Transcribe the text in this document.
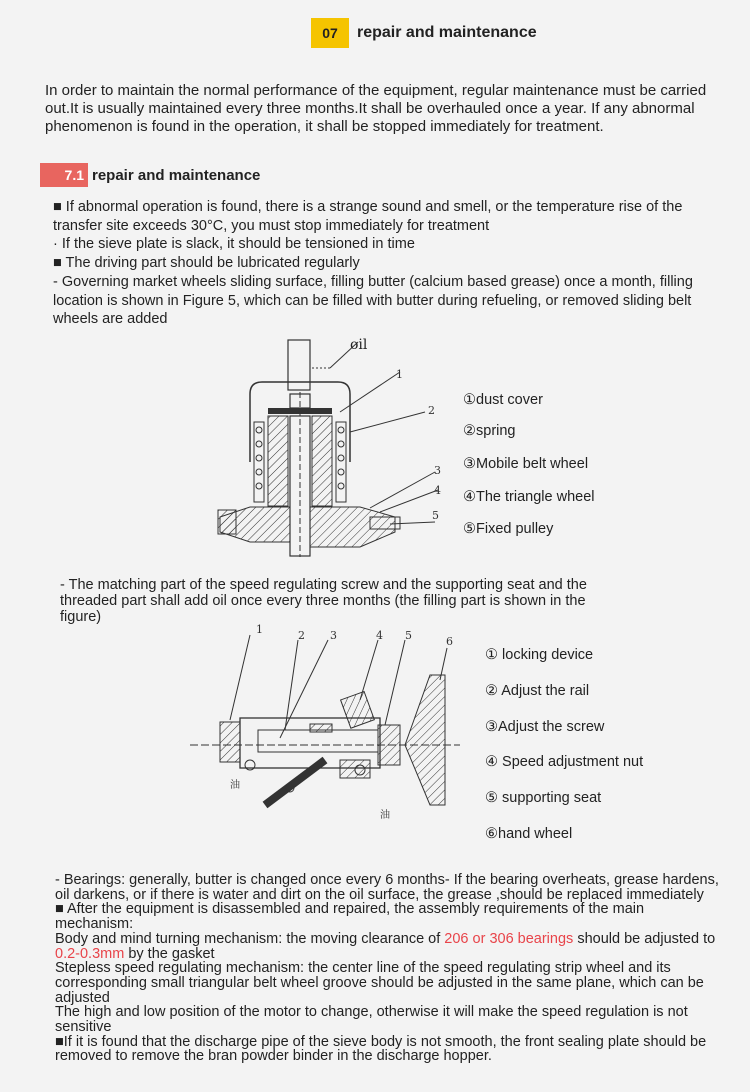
07	repair and maintenance
In order to maintain the normal performance of the equipment, regular maintenance must be carried out.It is usually maintained every three months.It shall be overhauled once a year. If any abnormal phenomenon is found in the operation, it shall be stopped immediately for treatment.
7.1 repair and maintenance
■ If abnormal operation is found, there is a strange sound and smell, or the temperature rise of the transfer site exceeds 30°C, you must stop immediately for treatment
· If the sieve plate is slack, it should be tensioned in time
■ The driving part should be lubricated regularly
- Governing market wheels sliding surface, filling butter (calcium based grease) once a month, filling location is shown in Figure 5, which can be filled with butter during refueling, or removed sliding belt wheels are added
oil
1
2
3
4
5
①dust cover
②spring
③Mobile belt wheel
④The triangle wheel
⑤Fixed pulley
- The matching part of the speed regulating screw and the supporting seat and the threaded part shall add oil once every three months (the filling part is shown in the figure)
1	2 3	4 5	6
油
油
① locking device
② Adjust the rail
③Adjust the screw
④ Speed adjustment nut
⑤ supporting seat
⑥hand wheel
- Bearings: generally, butter is changed once every 6 months- If the bearing overheats, grease hardens, oil darkens, or if there is water and dirt on the oil surface, the grease ,should be replaced immediately
■ After the equipment is disassembled and repaired, the assembly requirements of the main mechanism:
Body and mind turning mechanism: the moving clearance of 206 or 306 bearings should be adjusted to 0.2-0.3mm by the gasket
Stepless speed regulating mechanism: the center line of the speed regulating strip wheel and its corresponding small triangular belt wheel groove should be adjusted in the same plane, which can be adjusted
The high and low position of the motor to change, otherwise it will make the speed regulation is not sensitive
■If it is found that the discharge pipe of the sieve body is not smooth, the front sealing plate should be removed to remove the bran powder binder in the discharge hopper.
